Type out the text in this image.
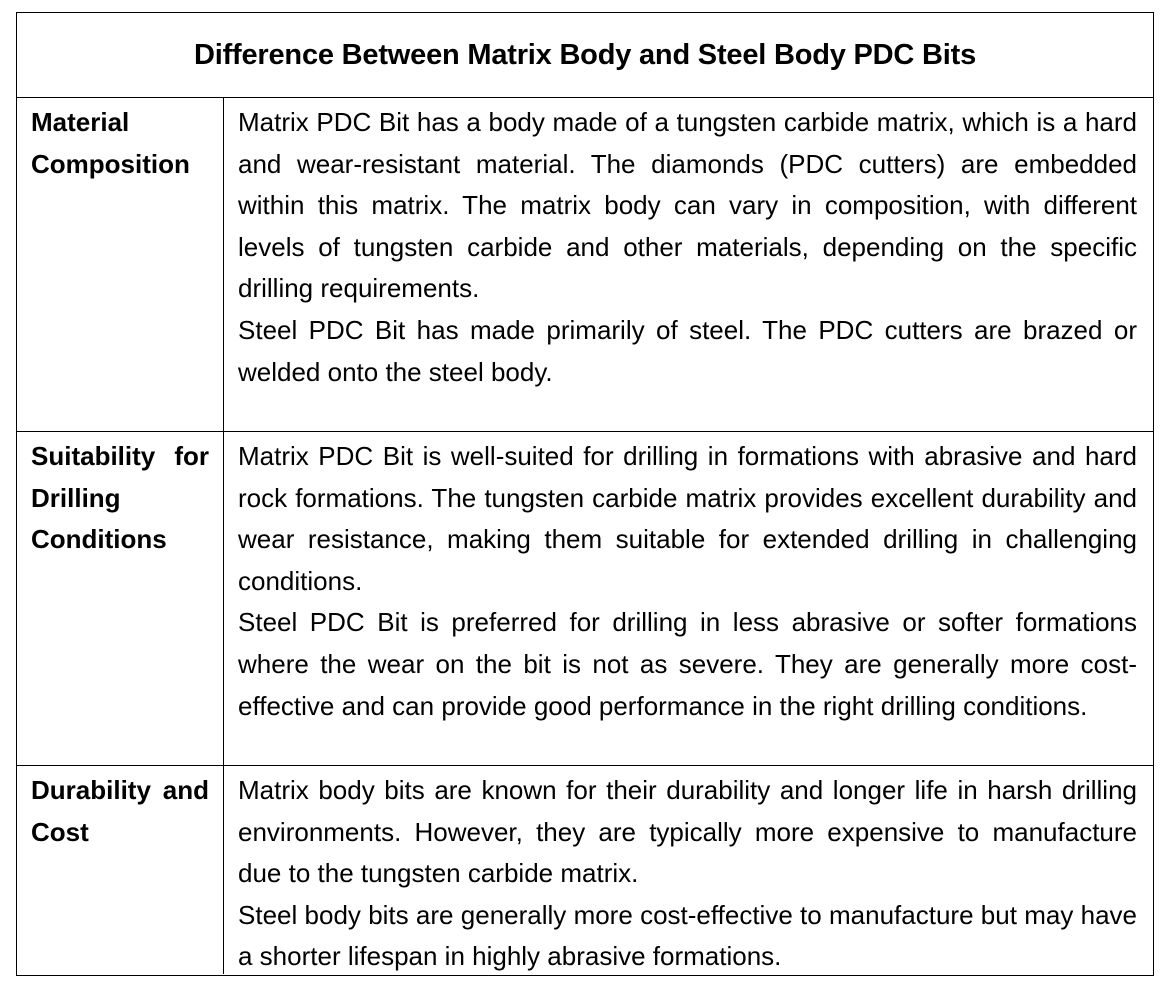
Difference Between Matrix Body and Steel Body PDC Bits
Material Composition

Matrix PDC Bit has a body made of a tungsten carbide matrix, which is a hard and wear-resistant material. The diamonds (PDC cutters) are embedded within this matrix. The matrix body can vary in composition, with different levels of tungsten carbide and other materials, depending on the specific drilling requirements.

Steel PDC Bit has made primarily of steel. The PDC cutters are brazed or welded onto the steel body.

Suitability for Drilling Conditions

Matrix PDC Bit is well-suited for drilling in formations with abrasive and hard rock formations. The tungsten carbide matrix provides excellent durability and wear resistance, making them suitable for extended drilling in challenging conditions.

Steel PDC Bit is preferred for drilling in less abrasive or softer formations where the wear on the bit is not as severe. They are generally more cost-effective and can provide good performance in the right drilling conditions.

Durability and Cost

Matrix body bits are known for their durability and longer life in harsh drilling environments. However, they are typically more expensive to manufacture due to the tungsten carbide matrix.

Steel body bits are generally more cost-effective to manufacture but may have a shorter lifespan in highly abrasive formations.
